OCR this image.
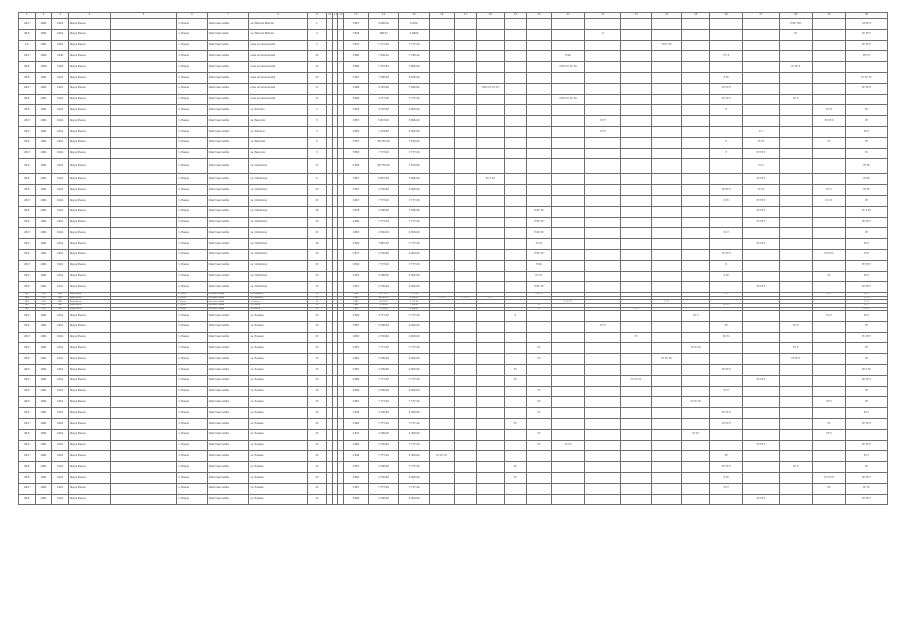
1	2	3	4	5	6	7	8	9	10	11	12	13	14	15	16	17	18	19	20	21	22	23	24	25	26	27	28	29	30
28-P	1991	1941	Ruzya Pisene		1. Pisene	Dzerrinsel vadba	vs. Moscow Bahnari	1				7.667	4 000,00	6.4%b													TCRC FRC		OP PP P
28-P	1991	1941	Ruzya Pisene		1. Pisene	Dzerrinsel vadan	vs. Moscow Bahnari	3				7.844	168 07	4 9000							R						PC		PP PP P
2-P	1991	1991	Ruzya Pisene		1. Pisene	Dzerrinsel vadan	arwo Annamenenadi	3				7.841	7 777,20	7 777,20									TTP P PC						PP PP P
28-P	1990	1940	Ruzya Pisene		1. Pisene	Dzerrinsel vadba	arwo Annamenenadi	13				1 880	7 330,20	7 330,20						TCRC					P P P				PP P P
28-P	1990	1940	Ruzya Pisene		1. Pisene	Dzerrinsel vadba	arwo Annamenenadi	13				1 880	7 337,93	7 900,00						TCRC PC PC PC							PC PP P		
28-P	1991	1941	Ruzya Pisene		1. Pisene	Dzerrinsel vadba	arwo Annamenenadi	13				1 967	7 796,36	9 876,00											P PC				TC PC PC
28-P	1991	1941	Ruzya Pisene		1. Pisene	Dzerrinsel vadba	arwo Annamenenadi	17				1 668	4 710,60	7 930,60			TCRC PC PC PC								PC PP P				PP PP P
28-P	1991	1941	Ruzya Pisene		1. Pisene	Dzerrinsel vadba	arwo Annamenenadi	17				1 800	4 777,20	7 777,20						TCRC PC PC PC					PC PP P		PC P		
28-P	1991	1941	Ruzya Pisene		1. Pisene	Dzerrinsel vadba	vs. Porerem	3				7 663	4 797,60	4 900,00											R			TC PC	PC
28-P	1991	1941	Ruzya Pisene		1. Pisene	Dzerrinsel vadba	vs. Pesonalo	5				1 807	5 827,00	5 966,00							P P P							PP PP P	PP
28-P	1991	1941	Ruzya Pisene		1. Pisene	Dzerrinsel vadba	vs. Kotulera	3				1 805	1 178,60	4 300,00							P P P					P C			PP P
28-P	1991	1941	Ruzya Pisene		1. Pisene	Dzerrinsel vadba	vs. Pesonalo	5				1 807	48 370,20	7 676,00											R	TC PC		PC	PP
28-P	1991	1941	Ruzya Pisene		1. Pisene	Dzerrinsel vadba	vs. Pesonalo	3				7 858	7 777,20	7 777,20											P	PP PP P			PC
28-P	1991	1941	Ruzya Pisene		1. Pisene	Dzerrinsel vadba	vs. Ostrameni	17				2 846	48 776,40	7 970,80												P PC			PP PP
28-P	1991	1941	Ruzya Pisene		1. Pisene	Dzerrinsel vadba	vs. Ostrameni	5				7 867	5 827,00	5 966,00			PC P PC									PP PP P			PP PP
28-P	1991	1941	Ruzya Pisene		1. Pisene	Dzerrinsel vadba	vs. Ostrameni	13				1 667	4 730,60	4 300,00											PP PP P	TC PC		PC P	PP PP
28-P	1991	1941	Ruzya Pisene		1. Pisene	Dzerrinsel vadba	vs. Ostrameni	13				1 667	7 777,20	7 777,20											R PC	PP PP P		PC PC	PP
28-P	1991	1941	Ruzya Pisene		1. Pisene	Dzerrinsel vadba	vs. Ostrameni	18				1 878	4 796,00	7 936,90					TCRC PC							PP PP P			PC P PC
28-P	1991	1941	Ruzya Pisene		1. Pisene	Dzerrinsel vadba	vs. Ostrameni	13				1 800	7 777,20	7 777,20					TCRC PC							PC PP P			PP PP P
28-P	1991	1941	Ruzya Pisene		1. Pisene	Dzerrinsel vadba	vs. Ostrameni	13				1 865	4 330,20	4 300,00					TCRC PC						PC P				PP
28-P	1991	1941	Ruzya Pisene		1. Pisene	Dzerrinsel vadba	vs. Ostrameni	18				1 845	7 867,20	7 777,20					TC PC							PP PP P			PP P
28-P	1991	1941	Ruzya Pisene		1. Pisene	Dzerrinsel vadba	vs. Ostrameni	13				1 877	4 730,60	4 900,00					TCRC PC						PC PP P			PP P PC	P PC
28-P	1991	1941	Ruzya Pisene		1. Pisene	Dzerrinsel vadba	vs. Ostrameni	13				1 844	7 777,20	7 777,20					TCRC						R				PP PP P
28-P	1991	1941	Ruzya Pisene		1. Pisene	Dzerrinsel vadba	vs. Ostrameni	13				1 803	4 796,00	4 300,00					PC PC						R PP			PC	PP P
28-P	1991	1941	Ruzya Pisene		1. Pisene	Dzerrinsel vadba	vs. Ostrameni	13				1 807	4 730,60	4 300,00					TCRC PC							PP PP P			PP PP P
28-P	1991	1941	Ruzya Pisene		1. Pisene	Dzerrinsel vadba	vs. Ostrameni	13				1 660	4 777,20	7 777,20					TCRC PC						PC P			PP P	PP P
28-P	1991	1941	Ruzya Pisene		1. Pisene	Dzerrinsel vadba	vs. Ostrameni	13				1 860	48 300,20	4 300,00	TC PC PC	PC PC PC	PC PC												PC PC
28-P	1991	1941	Ruzya Pisene		1. Pisene	Dzerrinsel vadba	vs. Pussew	13				1 667	4 797,20	7 777,20						PC PC PC			TC PC						TC PC
28-P	1991	1941	Ruzya Pisene		1. Pisene	Dzerrinsel vadba	vs. Pussew	13				1 860	4 796,00	7 930,00					PC						PP PP P				PP P
28-P	1991	1941	Ruzya Pisene		1. Pisene	Dzerrinsel vadba	vs. Pussew	13				1 830	4 730,60	4 300,00					PC			TC PC							PP PP P
28-P	1991	1941	Ruzya Pisene		1. Pisene	Dzerrinsel vadba	vs. Pussew	13				1 845	4 777,20	7 777,20				P						PC P				PC P	PP P
28-P	1991	1941	Ruzya Pisene		1. Pisene	Dzerrinsel vadba	vs. Pussew	13				1 867	4 796,00	4 300,00							P P P				PP		PC P		PP
28-P	1991	1941	Ruzya Pisene		1. Pisene	Dzerrinsel vadba	vs. Pussew	13				1 800	4 730,60	4 900,00								TC			PC PC				PC PP P
28-P	1991	1941	Ruzya Pisene		1. Pisene	Dzerrinsel vadba	vs. Pussew	13				1 807	7 777,20	7 777,20					PC					TC PC PC			PC P		PP
28-P	1991	1941	Ruzya Pisene		1. Pisene	Dzerrinsel vadba	vs. Pussew	13				1 862	4 796,00	4 300,00					PC				PC PC PC				PP PP P		PP
28-P	1991	1941	Ruzya Pisene		1. Pisene	Dzerrinsel vadba	vs. Pussew	13				1 887	4 730,60	4 900,00				PC							PP PP P				PP P PC
28-P	1991	1941	Ruzya Pisene		1. Pisene	Dzerrinsel vadba	vs. Pussew	13				1 866	7 777,20	7 777,20				PC				TC PC PC				PP PP P			PP PP P
28-P	1991	1941	Ruzya Pisene		1. Pisene	Dzerrinsel vadba	vs. Pussew	13				1 806	4 796,00	4 300,00					PC						PC P				PP
28-P	1991	1941	Ruzya Pisene		1. Pisene	Dzerrinsel vadba	vs. Pussew	13				1 867	7 777,20	7 777,20					PC					TC PC PC				PP P	PP
28-P	1991	1941	Ruzya Pisene		1. Pisene	Dzerrinsel vadba	vs. Pussew	13				1 845	4 730,60	4 300,00					PC						PP PP P				PP P
28-P	1991	1941	Ruzya Pisene		1. Pisene	Dzerrinsel vadba	vs. Pussew	13				1 800	7 777,20	7 777,20				PC							PC PP P			PC	PP PP P
28-P	1991	1941	Ruzya Pisene		1. Pisene	Dzerrinsel vadba	vs. Pussew	13				1 847	4 796,00	4 300,00					PC					PC PC				PP P	
28-P	1991	1941	Ruzya Pisene		1. Pisene	Dzerrinsel vadba	vs. Pussew	13				1 860	4 730,60	7 777,20					PC	TC PC						PP PP P			PP PP P
28-P	1991	1941	Ruzya Pisene		1. Pisene	Dzerrinsel vadba	vs. Pussew	13				1 846	7 777,20	4 300,00	PC PC PC										PP				PP P
28-P	1991	1941	Ruzya Pisene		1. Pisene	Dzerrinsel vadba	vs. Pussew	13				1 807	4 796,00	7 777,20				PC							PP PP P		PC P		PP
28-P	1991	1941	Ruzya Pisene		1. Pisene	Dzerrinsel vadba	vs. Pussew	13				1 862	4 730,60	4 300,00				PC							R PC			TC PC PC	PP PP P
28-P	1991	1941	Ruzya Pisene		1. Pisene	Dzerrinsel vadba	vs. Pussew	13				1 867	7 777,20	7 777,20											PC P			PP	PC PC
28-P	1991	1941	Ruzya Pisene		1. Pisene	Dzerrinsel vadba	vs. Pussew	13				1 800	4 796,00	4 300,00												PP PP P			PP PP P
